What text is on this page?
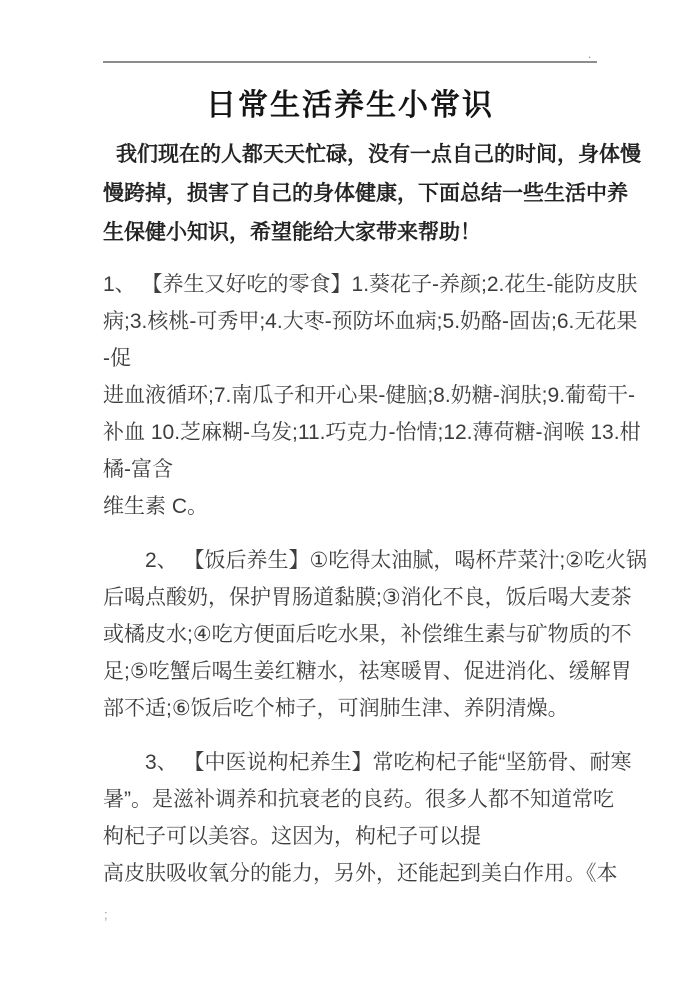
.
日常生活养生小常识
我们现在的人都天天忙碌，没有一点自己的时间，身体慢
慢跨掉，损害了自己的身体健康，下面总结一些生活中养
生保健小知识，希望能给大家带来帮助！
1、 【养生又好吃的零食】1.葵花子-养颜;2.花生-能防皮肤
病;3.核桃-可秀甲;4.大枣-预防坏血病;5.奶酪-固齿;6.无花果
-促
进血液循环;7.南瓜子和开心果-健脑;8.奶糖-润肤;9.葡萄干-
补血 10.芝麻糊-乌发;11.巧克力-怡情;12.薄荷糖-润喉 13.柑
橘-富含
维生素 C。
2、 【饭后养生】①吃得太油腻，喝杯芹菜汁;②吃火锅
后喝点酸奶，保护胃肠道黏膜;③消化不良，饭后喝大麦茶
或橘皮水;④吃方便面后吃水果，补偿维生素与矿物质的不
足;⑤吃蟹后喝生姜红糖水，祛寒暖胃、促进消化、缓解胃
部不适;⑥饭后吃个柿子，可润肺生津、养阴清燥。
3、 【中医说枸杞养生】常吃枸杞子能“坚筋骨、耐寒
暑”。是滋补调养和抗衰老的良药。很多人都不知道常吃
枸杞子可以美容。这因为，枸杞子可以提
高皮肤吸收氧分的能力，另外，还能起到美白作用。《本
;
